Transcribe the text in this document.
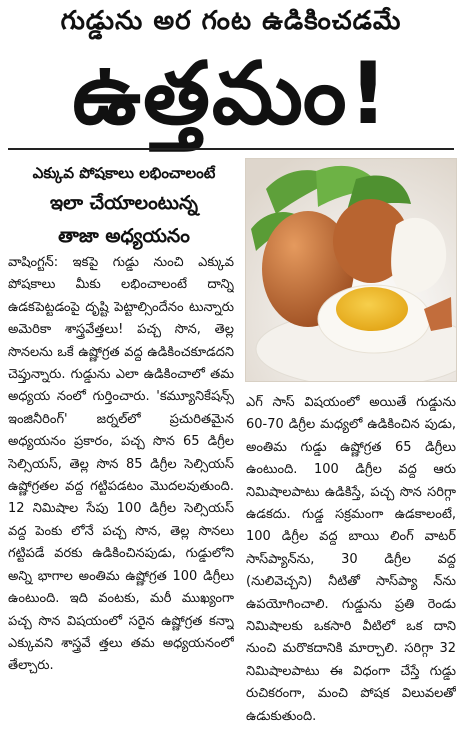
గుడ్డును అర గంట ఉడికించడమే
ఉత్తమం!
ఎక్కువ పోషకాలు లభించాలంటే
ఇలా చేయాలంటున్న
తాజా అధ్యయనం

వాషింగ్టన్: ఇకపై గుడ్డు నుంచి ఎక్కువ పోషకాలు మీకు లభించాలంటే దాన్ని ఉడకపెట్టడంపై దృష్టి పెట్టాల్సిందేనం టున్నారు అమెరికా శాస్త్రవేత్తలు! పచ్చ సొన, తెల్ల సొనలను ఒకే ఉష్ణోగ్రత వద్ద ఉడికించకూడదని చెప్తున్నారు. గుడ్డును ఎలా ఉడికించాలో తమ అధ్యయ నంలో గుర్తించారు. 'కమ్యూనికేషన్స్ ఇంజినీరింగ్' జర్నల్‌లో ప్రచురితమైన అధ్యయనం ప్రకారం, పచ్చ సొన 65 డిగ్రీల సెల్సియస్, తెల్ల సొన 85 డిగ్రీల సెల్సియస్ ఉష్ణోగ్రతల వద్ద గట్టిపడటం మొదలవుతుంది. 12 నిమిషాల సేపు 100 డిగ్రీల సెల్సియస్ వద్ద పెంకు లోనే పచ్చ సొన, తెల్ల సొనలు గట్టిపడే వరకు ఉడికించినపుడు, గుడ్డులోని అన్ని భాగాల అంతిమ ఉష్ణోగ్రత 100 డిగ్రీలు ఉంటుంది. ఇది వంటకు, మరీ ముఖ్యంగా పచ్చ సొన విషయంలో సరైన ఉష్ణోగ్రత కన్నా ఎక్కువని శాస్త్రవే త్తలు తమ అధ్యయనంలో తేల్చారు.

ఎగ్ సాస్ విషయంలో అయితే గుడ్డును 60-70 డిగ్రీల మధ్యలో ఉడికించిన పుడు, అంతిమ గుడ్డు ఉష్ణోగ్రత 65 డిగ్రీలు ఉంటుంది. 100 డిగ్రీల వద్ద ఆరు నిమిషాలపాటు ఉడికిస్తే, పచ్చ సొన సరిగ్గా ఉడకదు. గుడ్డ సక్రమంగా ఉడకాలంటే, 100 డిగ్రీల వద్ద బాయి లింగ్ వాటర్ సాస్‌ప్యాన్‌ను, 30 డిగ్రీల వద్ద (నులివెచ్చని) నీటితో సాస్‌ప్యా న్‌ను ఉపయోగించాలి. గుడ్డును ప్రతి రెండు నిమిషాలకు ఒకసారి వీటిలో ఒక దాని నుంచి మరొకదానికి మార్చాలి. సరిగ్గా 32 నిమిషాలపాటు ఈ విధంగా చేస్తే గుడ్డు రుచికరంగా, మంచి పోషక విలువలతో ఉడుకుతుంది.
